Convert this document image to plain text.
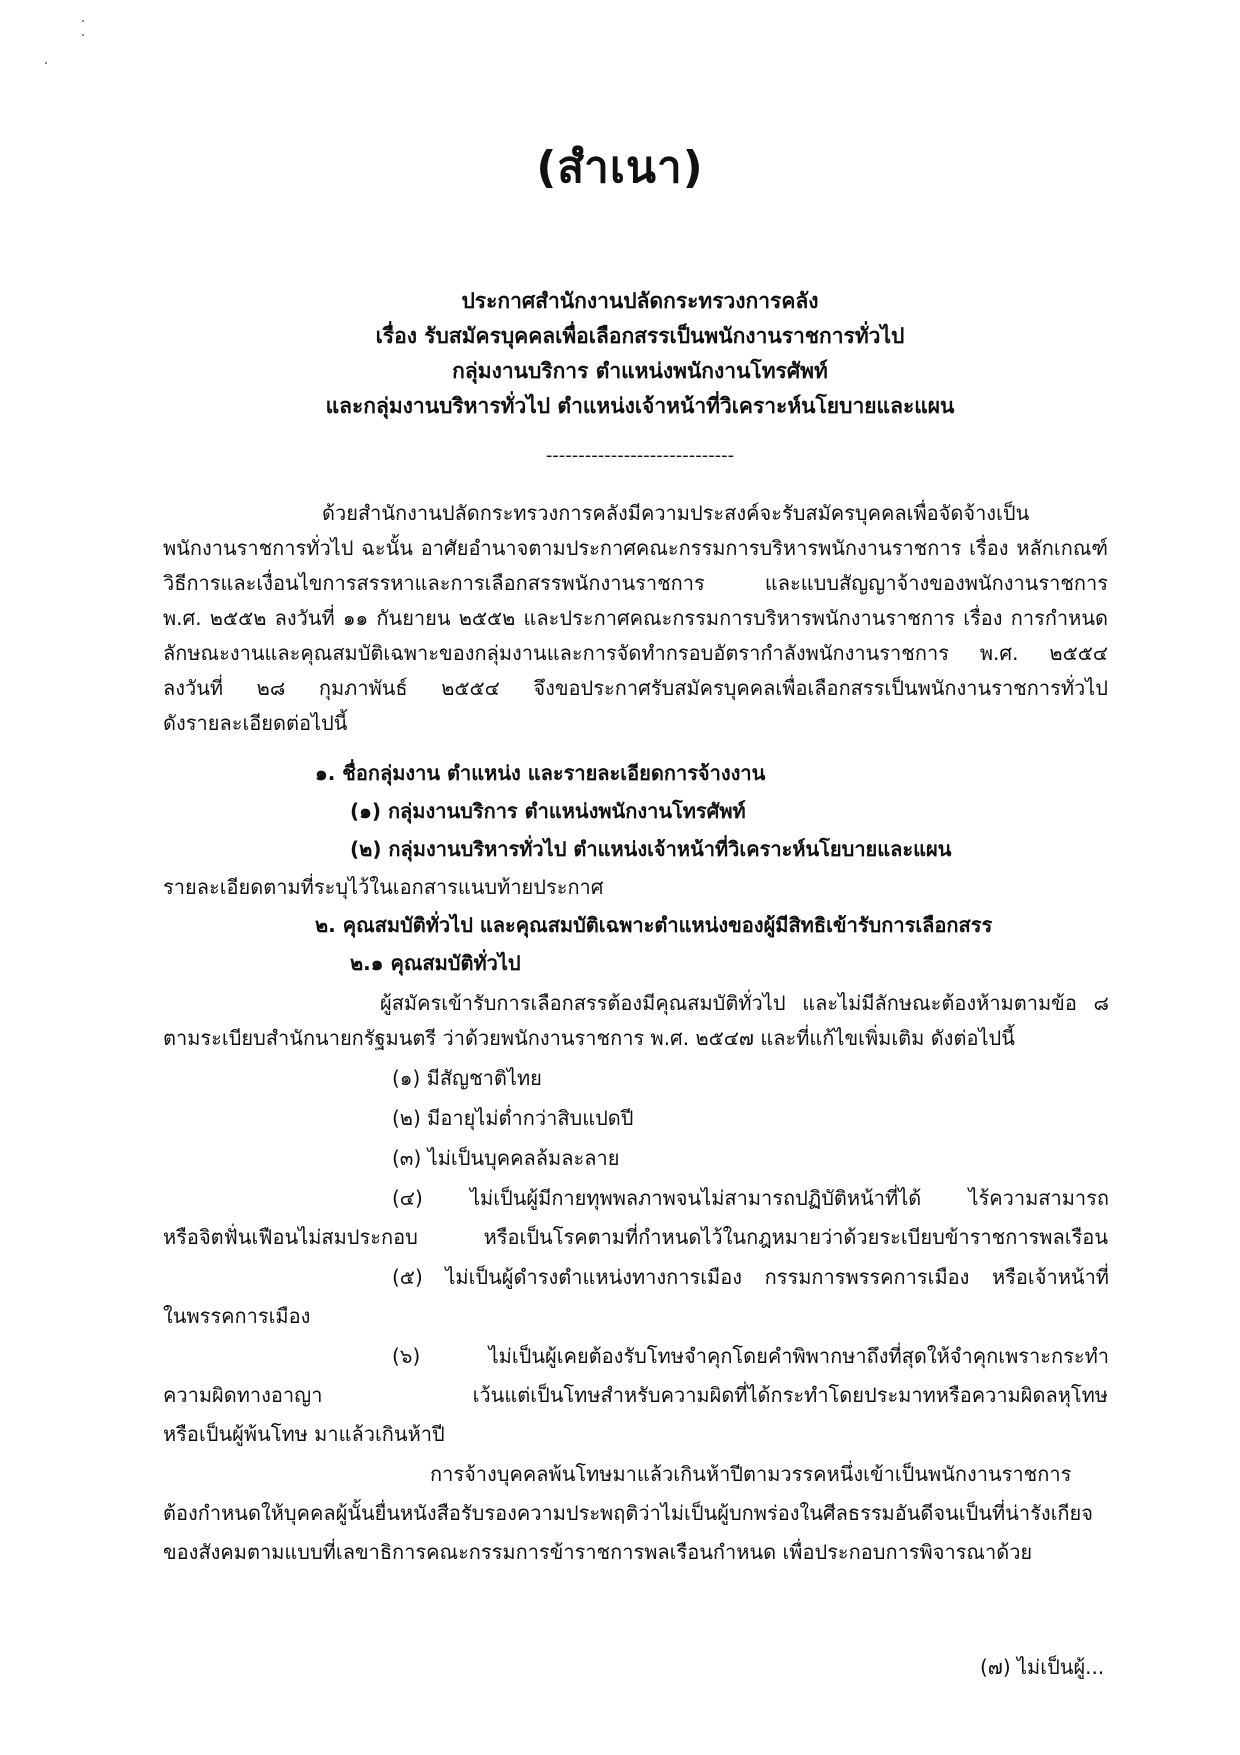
(สำเนา)
ประกาศสำนักงานปลัดกระทรวงการคลัง
เรื่อง รับสมัครบุคคลเพื่อเลือกสรรเป็นพนักงานราชการทั่วไป
กลุ่มงานบริการ ตำแหน่งพนักงานโทรศัพท์
และกลุ่มงานบริหารทั่วไป ตำแหน่งเจ้าหน้าที่วิเคราะห์นโยบายและแผน
-----------------------------
ด้วยสำนักงานปลัดกระทรวงการคลังมีความประสงค์จะรับสมัครบุคคลเพื่อจัดจ้างเป็น
พนักงานราชการทั่วไป ฉะนั้น อาศัยอำนาจตามประกาศคณะกรรมการบริหารพนักงานราชการ เรื่อง หลักเกณฑ์
วิธีการและเงื่อนไขการสรรหาและการเลือกสรรพนักงานราชการ และแบบสัญญาจ้างของพนักงานราชการ
พ.ศ. ๒๕๕๒ ลงวันที่ ๑๑ กันยายน ๒๕๕๒ และประกาศคณะกรรมการบริหารพนักงานราชการ เรื่อง การกำหนด
ลักษณะงานและคุณสมบัติเฉพาะของกลุ่มงานและการจัดทำกรอบอัตรากำลังพนักงานราชการ พ.ศ. ๒๕๕๔
ลงวันที่ ๒๘ กุมภาพันธ์ ๒๕๕๔ จึงขอประกาศรับสมัครบุคคลเพื่อเลือกสรรเป็นพนักงานราชการทั่วไป
ดังรายละเอียดต่อไปนี้
๑. ชื่อกลุ่มงาน ตำแหน่ง และรายละเอียดการจ้างงาน
(๑) กลุ่มงานบริการ ตำแหน่งพนักงานโทรศัพท์
(๒) กลุ่มงานบริหารทั่วไป ตำแหน่งเจ้าหน้าที่วิเคราะห์นโยบายและแผน
รายละเอียดตามที่ระบุไว้ในเอกสารแนบท้ายประกาศ
๒. คุณสมบัติทั่วไป และคุณสมบัติเฉพาะตำแหน่งของผู้มีสิทธิเข้ารับการเลือกสรร
๒.๑ คุณสมบัติทั่วไป
ผู้สมัครเข้ารับการเลือกสรรต้องมีคุณสมบัติทั่วไป และไม่มีลักษณะต้องห้ามตามข้อ ๘
ตามระเบียบสำนักนายกรัฐมนตรี ว่าด้วยพนักงานราชการ พ.ศ. ๒๕๔๗ และที่แก้ไขเพิ่มเติม ดังต่อไปนี้
(๑) มีสัญชาติไทย
(๒) มีอายุไม่ต่ำกว่าสิบแปดปี
(๓) ไม่เป็นบุคคลล้มละลาย
(๔) ไม่เป็นผู้มีกายทุพพลภาพจนไม่สามารถปฏิบัติหน้าที่ได้ ไร้ความสามารถ
หรือจิตฟั่นเฟือนไม่สมประกอบ หรือเป็นโรคตามที่กำหนดไว้ในกฎหมายว่าด้วยระเบียบข้าราชการพลเรือน
(๕) ไม่เป็นผู้ดำรงตำแหน่งทางการเมือง กรรมการพรรคการเมือง หรือเจ้าหน้าที่
ในพรรคการเมือง
(๖) ไม่เป็นผู้เคยต้องรับโทษจำคุกโดยคำพิพากษาถึงที่สุดให้จำคุกเพราะกระทำ
ความผิดทางอาญา เว้นแต่เป็นโทษสำหรับความผิดที่ได้กระทำโดยประมาทหรือความผิดลหุโทษ
หรือเป็นผู้พ้นโทษ มาแล้วเกินห้าปี
การจ้างบุคคลพ้นโทษมาแล้วเกินห้าปีตามวรรคหนึ่งเข้าเป็นพนักงานราชการ
ต้องกำหนดให้บุคคลผู้นั้นยื่นหนังสือรับรองความประพฤติว่าไม่เป็นผู้บกพร่องในศีลธรรมอันดีจนเป็นที่น่ารังเกียจ
ของสังคมตามแบบที่เลขาธิการคณะกรรมการข้าราชการพลเรือนกำหนด เพื่อประกอบการพิจารณาด้วย
(๗) ไม่เป็นผู้...
